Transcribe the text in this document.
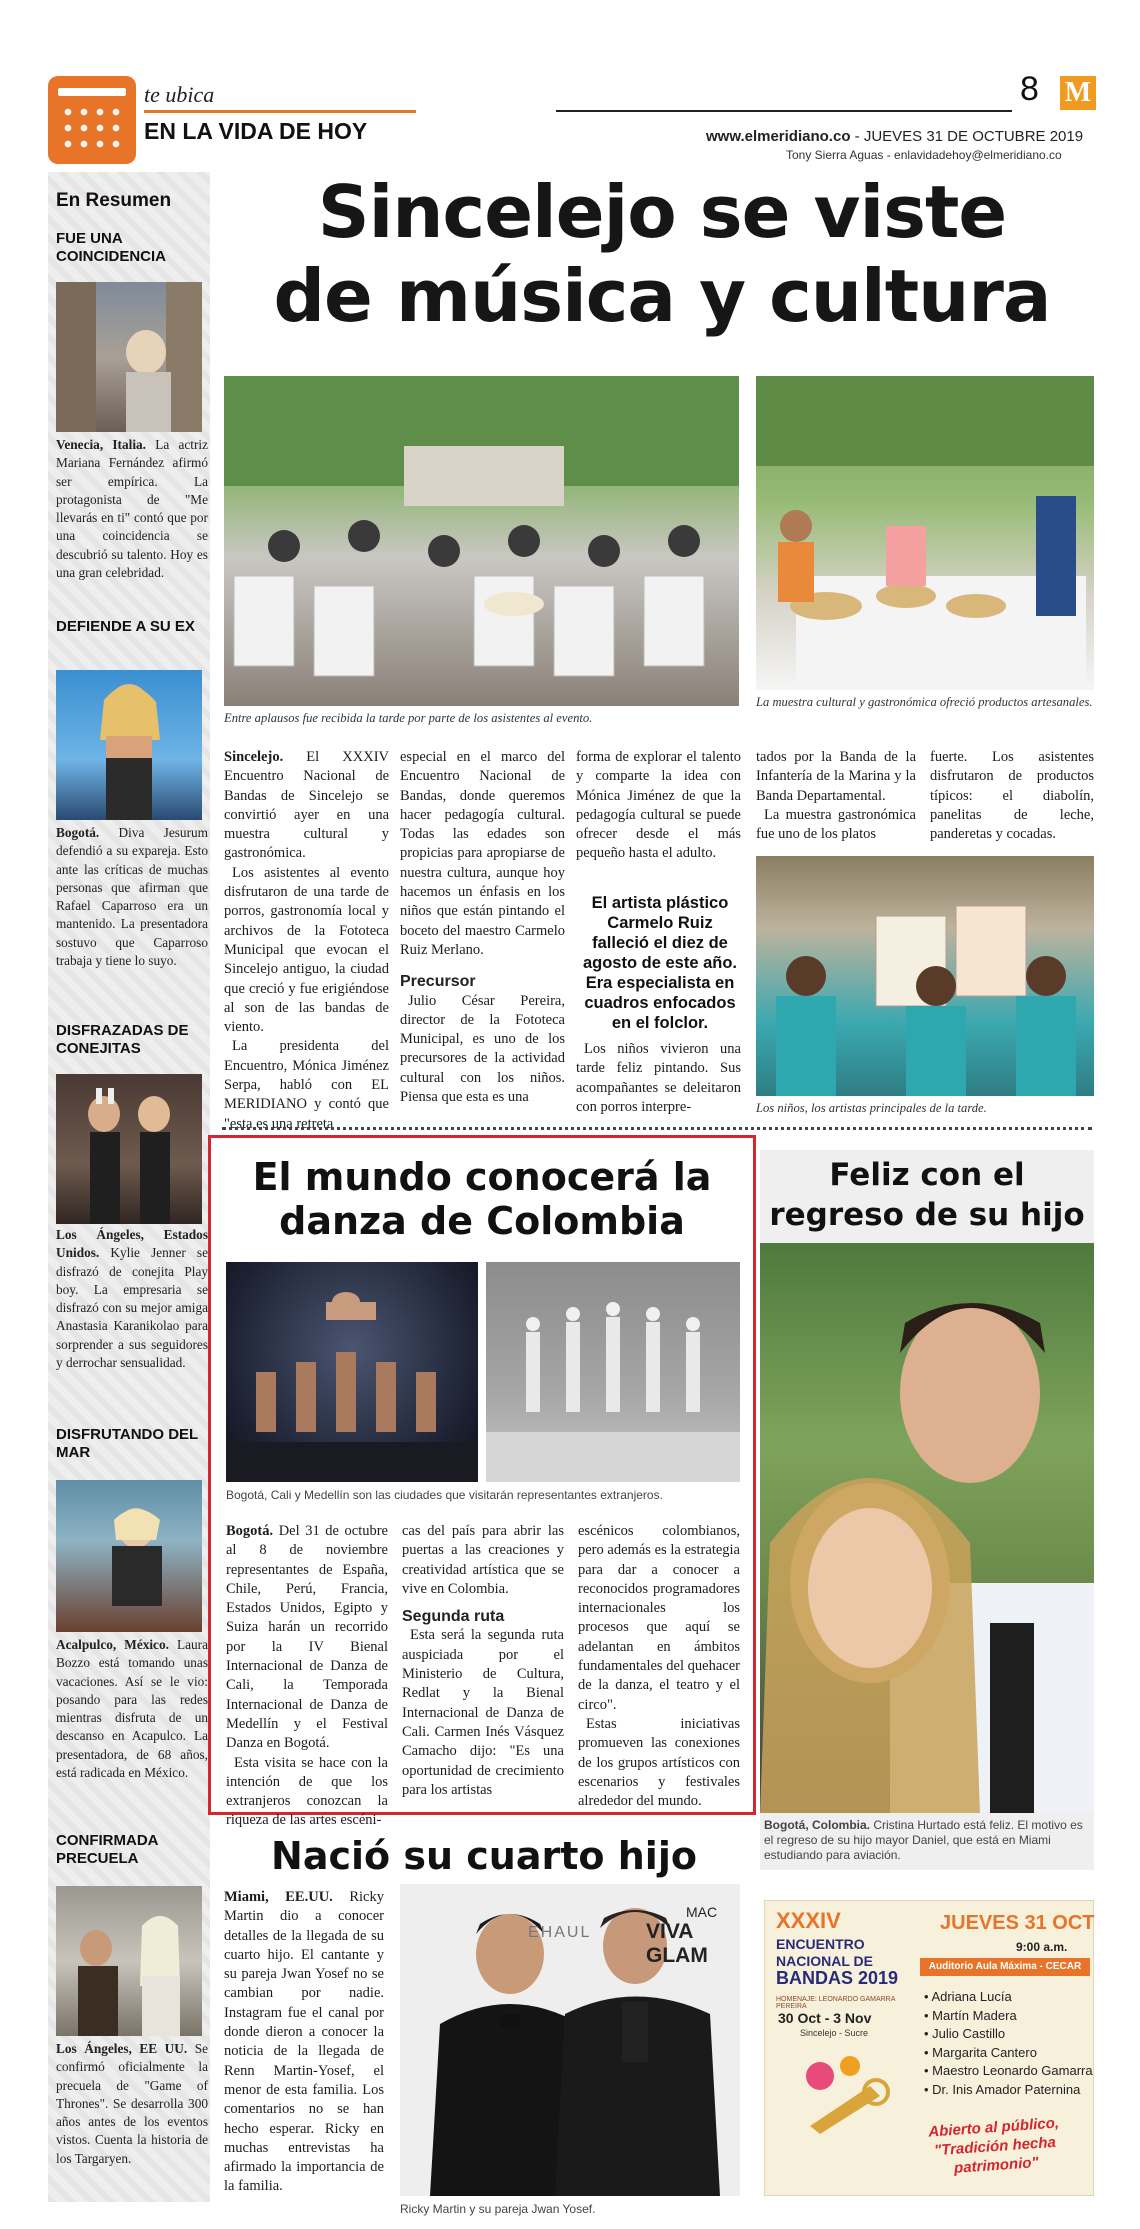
te ubica
EN LA VIDA DE HOY
8 M
www.elmeridiano.co - JUEVES 31 DE OCTUBRE 2019
Tony Sierra Aguas - enlavidadehoy@elmeridiano.co
En Resumen
FUE UNA COINCIDENCIA
Venecia, Italia. La actriz Mariana Fernández afirmó ser empírica. La protagonista de "Me llevarás en ti" contó que por una coincidencia se descubrió su talento. Hoy es una gran celebridad.
DEFIENDE A SU EX
Bogotá. Diva Jesurum defendió a su expareja. Esto ante las críticas de muchas personas que afirman que Rafael Caparroso era un mantenido. La presentadora sostuvo que Caparroso trabaja y tiene lo suyo.
DISFRAZADAS DE CONEJITAS
Los Ángeles, Estados Unidos. Kylie Jenner se disfrazó de conejita Play boy. La empresaria se disfrazó con su mejor amiga Anastasia Karanikolao para sorprender a sus seguidores y derrochar sensualidad.
DISFRUTANDO DEL MAR
Acalpulco, México. Laura Bozzo está tomando unas vacaciones. Así se le vio: posando para las redes mientras disfruta de un descanso en Acapulco. La presentadora, de 68 años, está radicada en México.
CONFIRMADA PRECUELA
Los Ángeles, EE UU. Se confirmó oficialmente la precuela de "Game of Thrones". Se desarrolla 300 años antes de los eventos vistos. Cuenta la historia de los Targaryen.
Sincelejo se viste
de música y cultura
Entre aplausos fue recibida la tarde por parte de los asistentes al evento.
La muestra cultural y gastronómica ofreció productos artesanales.

Sincelejo. El XXXIV Encuentro Nacional de Bandas de Sincelejo se convirtió ayer en una muestra cultural y gastronómica.

Los asistentes al evento disfrutaron de una tarde de porros, gastronomía local y archivos de la Fototeca Municipal que evocan el Sincelejo antiguo, la ciudad que creció y fue erigiéndose al son de las bandas de viento.

La presidenta del Encuentro, Mónica Jiménez Serpa, habló con EL MERIDIANO y contó que "esta es una retreta

especial en el marco del Encuentro Nacional de Bandas, donde queremos hacer pedagogía cultural. Todas las edades son propicias para apropiarse de nuestra cultura, aunque hoy hacemos un énfasis en los niños que están pintando el boceto del maestro Carmelo Ruiz Merlano.

Precursor

Julio César Pereira, director de la Fototeca Municipal, es uno de los precursores de la actividad cultural con los niños. Piensa que esta es una

forma de explorar el talento y comparte la idea con Mónica Jiménez de que la pedagogía cultural se puede ofrecer desde el más pequeño hasta el adulto.

El artista plástico Carmelo Ruiz falleció el diez de agosto de este año. Era especialista en cuadros enfocados en el folclor.

Los niños vivieron una tarde feliz pintando. Sus acompañantes se deleitaron con porros interpre-

tados por la Banda de la Infantería de la Marina y la Banda Departamental.

La muestra gastronómica fue uno de los platos

fuerte. Los asistentes disfrutaron de productos típicos: el diabolín, panelitas de leche, panderetas y cocadas.

Los niños, los artistas principales de la tarde.
El mundo conocerá la
danza de Colombia
Bogotá, Cali y Medellín son las ciudades que visitarán representantes extranjeros.

Bogotá. Del 31 de octubre al 8 de noviembre representantes de España, Chile, Perú, Francia, Estados Unidos, Egipto y Suiza harán un recorrido por la IV Bienal Internacional de Danza de Cali, la Temporada Internacional de Danza de Medellín y el Festival Danza en Bogotá.

Esta visita se hace con la intención de que los extranjeros conozcan la riqueza de las artes escéni-

cas del país para abrir las puertas a las creaciones y creatividad artística que se vive en Colombia.

Segunda ruta

Esta será la segunda ruta auspiciada por el Ministerio de Cultura, Redlat y la Bienal Internacional de Danza de Cali. Carmen Inés Vásquez Camacho dijo: "Es una oportunidad de crecimiento para los artistas

escénicos colombianos, pero además es la estrategia para dar a conocer a reconocidos programadores internacionales los procesos que aquí se adelantan en ámbitos fundamentales del quehacer de la danza, el teatro y el circo".

Estas iniciativas promueven las conexiones de los grupos artísticos con escenarios y festivales alrededor del mundo.

Feliz con el
regreso de su hijo
Bogotá, Colombia. Cristina Hurtado está feliz. El motivo es el regreso de su hijo mayor Daniel, que está en Miami estudiando para aviación.
Nació su cuarto hijo

Miami, EE.UU. Ricky Martin dio a conocer detalles de la llegada de su cuarto hijo. El cantante y su pareja Jwan Yosef no se cambian por nadie. Instagram fue el canal por donde dieron a conocer la noticia de la llegada de Renn Martin-Yosef, el menor de esta familia. Los comentarios no se han hecho esperar. Ricky en muchas entrevistas ha afirmado la importancia de la familia.

EHAUL
MAC
VIVA GLAM
Ricky Martin y su pareja Jwan Yosef.
XXXIV
ENCUENTRO
NACIONAL DE
BANDAS 2019
HOMENAJE: LEONARDO GAMARRA PEREIRA
30 Oct - 3 Nov
Sincelejo - Sucre
JUEVES 31 OCT
9:00 a.m.
Auditorio Aula Máxima - CECAR
• Adriana Lucía
• Martín Madera
• Julio Castillo
• Margarita Cantero
• Maestro Leonardo Gamarra
• Dr. Inis Amador Paternina
Abierto al público,
"Tradición hecha
patrimonio"
